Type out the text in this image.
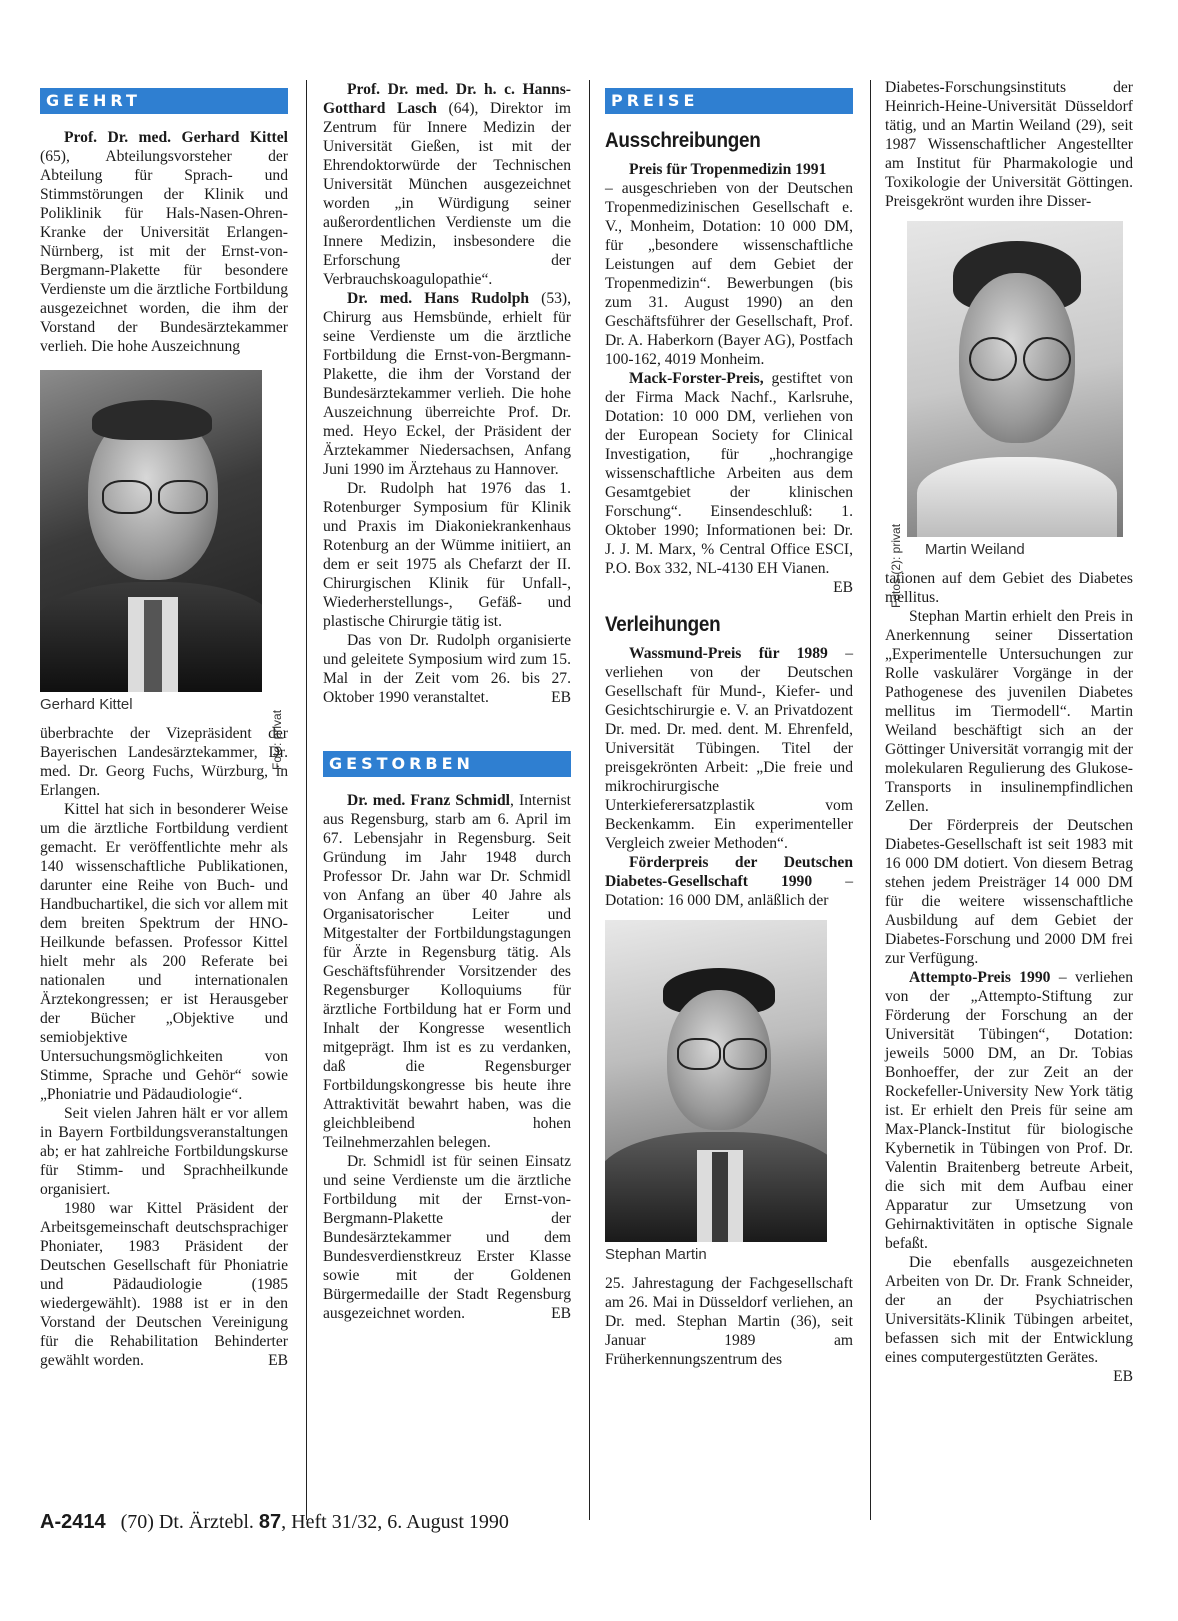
GEEHRT

Prof. Dr. med. Gerhard Kittel (65), Abteilungsvorsteher der Abteilung für Sprach- und Stimmstörungen der Klinik und Poliklinik für Hals-Nasen-Ohren-Kranke der Universität Erlangen-Nürnberg, ist mit der Ernst-von-Bergmann-Plakette für besondere Verdienste um die ärztliche Fortbildung ausgezeichnet worden, die ihm der Vorstand der Bundesärztekammer verlieh. Die hohe Auszeichnung

Foto: privat
Gerhard Kittel

überbrachte der Vizepräsident der Bayerischen Landesärztekammer, Dr. med. Dr. Georg Fuchs, Würzburg, in Erlangen.

Kittel hat sich in besonderer Weise um die ärztliche Fortbildung verdient gemacht. Er veröffentlichte mehr als 140 wissenschaftliche Publikationen, darunter eine Reihe von Buch- und Handbuchartikel, die sich vor allem mit dem breiten Spektrum der HNO-Heilkunde befassen. Professor Kittel hielt mehr als 200 Referate bei nationalen und internationalen Ärztekongressen; er ist Herausgeber der Bücher „Objektive und semiobjektive Untersuchungsmöglichkeiten von Stimme, Sprache und Gehör“ sowie „Phoniatrie und Pädaudiologie“.

Seit vielen Jahren hält er vor allem in Bayern Fortbildungsveranstaltungen ab; er hat zahlreiche Fortbildungskurse für Stimm- und Sprachheilkunde organisiert.

1980 war Kittel Präsident der Arbeitsgemeinschaft deutschsprachiger Phoniater, 1983 Präsident der Deutschen Gesellschaft für Phoniatrie und Pädaudiologie (1985 wiedergewählt). 1988 ist er in den Vorstand der Deutschen Vereinigung für die Rehabilitation Behinderter gewählt worden.	EB

Prof. Dr. med. Dr. h. c. Hanns-Gotthard Lasch (64), Direktor im Zentrum für Innere Medizin der Universität Gießen, ist mit der Ehrendoktorwürde der Technischen Universität München ausgezeichnet worden „in Würdigung seiner außerordentlichen Verdienste um die Innere Medizin, insbesondere die Erforschung der Verbrauchskoagulopathie“.

Dr. med. Hans Rudolph (53), Chirurg aus Hemsbünde, erhielt für seine Verdienste um die ärztliche Fortbildung die Ernst-von-Bergmann-Plakette, die ihm der Vorstand der Bundesärztekammer verlieh. Die hohe Auszeichnung überreichte Prof. Dr. med. Heyo Eckel, der Präsident der Ärztekammer Niedersachsen, Anfang Juni 1990 im Ärztehaus zu Hannover.

Dr. Rudolph hat 1976 das 1. Rotenburger Symposium für Klinik und Praxis im Diakoniekrankenhaus Rotenburg an der Wümme initiiert, an dem er seit 1975 als Chefarzt der II. Chirurgischen Klinik für Unfall-, Wiederherstellungs-, Gefäß- und plastische Chirurgie tätig ist.

Das von Dr. Rudolph organisierte und geleitete Symposium wird zum 15. Mal in der Zeit vom 26. bis 27. Oktober 1990 veranstaltet.	EB

GESTORBEN

Dr. med. Franz Schmidl, Internist aus Regensburg, starb am 6. April im 67. Lebensjahr in Regensburg. Seit Gründung im Jahr 1948 durch Professor Dr. Jahn war Dr. Schmidl von Anfang an über 40 Jahre als Organisatorischer Leiter und Mitgestalter der Fortbildungstagungen für Ärzte in Regensburg tätig. Als Geschäftsführender Vorsitzender des Regensburger Kolloquiums für ärztliche Fortbildung hat er Form und Inhalt der Kongresse wesentlich mitgeprägt. Ihm ist es zu verdanken, daß die Regensburger Fortbildungskongresse bis heute ihre Attraktivität bewahrt haben, was die gleichbleibend hohen Teilnehmerzahlen belegen.

Dr. Schmidl ist für seinen Einsatz und seine Verdienste um die ärztliche Fortbildung mit der Ernst-von-Bergmann-Plakette der Bundesärztekammer und dem Bundesverdienstkreuz Erster Klasse sowie mit der Goldenen Bürgermedaille der Stadt Regensburg ausgezeichnet worden.	EB

PREISE
Ausschreibungen

Preis für Tropenmedizin 1991

– ausgeschrieben von der Deutschen Tropenmedizinischen Gesellschaft e. V., Monheim, Dotation: 10 000 DM, für „besondere wissenschaftliche Leistungen auf dem Gebiet der Tropenmedizin“. Bewerbungen (bis zum 31. August 1990) an den Geschäftsführer der Gesellschaft, Prof. Dr. A. Haberkorn (Bayer AG), Postfach 100-162, 4019 Monheim.

Mack-Forster-Preis, gestiftet von der Firma Mack Nachf., Karlsruhe, Dotation: 10 000 DM, verliehen von der European Society for Clinical Investigation, für „hochrangige wissenschaftliche Arbeiten aus dem Gesamtgebiet der klinischen Forschung“. Einsendeschluß: 1. Oktober 1990; Informationen bei: Dr. J. J. M. Marx, % Central Office ESCI, P.O. Box 332, NL-4130 EH Vianen.
EB

Verleihungen

Wassmund-Preis für 1989 – verliehen von der Deutschen Gesellschaft für Mund-, Kiefer- und Gesichtschirurgie e. V. an Privatdozent Dr. med. Dr. med. dent. M. Ehrenfeld, Universität Tübingen. Titel der preisgekrönten Arbeit: „Die freie und mikrochirurgische Unterkieferersatzplastik vom Beckenkamm. Ein experimenteller Vergleich zweier Methoden“.

Förderpreis der Deutschen Diabetes-Gesellschaft 1990 – Dotation: 16 000 DM, anläßlich der

Stephan Martin

25. Jahrestagung der Fachgesellschaft am 26. Mai in Düsseldorf verliehen, an Dr. med. Stephan Martin (36), seit Januar 1989 am Früherkennungszentrum des

Diabetes-Forschungsinstituts der Heinrich-Heine-Universität Düsseldorf tätig, und an Martin Weiland (29), seit 1987 Wissenschaftlicher Angestellter am Institut für Pharmakologie und Toxikologie der Universität Göttingen. Preisgekrönt wurden ihre Disser-

Fotos (2): privat Martin Weiland

tationen auf dem Gebiet des Diabetes mellitus.

Stephan Martin erhielt den Preis in Anerkennung seiner Dissertation „Experimentelle Untersuchungen zur Rolle vaskulärer Vorgänge in der Pathogenese des juvenilen Diabetes mellitus im Tiermodell“. Martin Weiland beschäftigt sich an der Göttinger Universität vorrangig mit der molekularen Regulierung des Glukose-Transports in insulinempfindlichen Zellen.

Der Förderpreis der Deutschen Diabetes-Gesellschaft ist seit 1983 mit 16 000 DM dotiert. Von diesem Betrag stehen jedem Preisträger 14 000 DM für die weitere wissenschaftliche Ausbildung auf dem Gebiet der Diabetes-Forschung und 2000 DM frei zur Verfügung.

Attempto-Preis 1990 – verliehen von der „Attempto-Stiftung zur Förderung der Forschung an der Universität Tübingen“, Dotation: jeweils 5000 DM, an Dr. Tobias Bonhoeffer, der zur Zeit an der Rockefeller-University New York tätig ist. Er erhielt den Preis für seine am Max-Planck-Institut für biologische Kybernetik in Tübingen von Prof. Dr. Valentin Braitenberg betreute Arbeit, die sich mit dem Aufbau einer Apparatur zur Umsetzung von Gehirnaktivitäten in optische Signale befaßt.

Die ebenfalls ausgezeichneten Arbeiten von Dr. Dr. Frank Schneider, der an der Psychiatrischen Universitäts-Klinik Tübingen arbeitet, befassen sich mit der Entwicklung eines computergestützten Gerätes.
EB

A-2414   (70) Dt. Ärztebl. 87, Heft 31/32, 6. August 1990
